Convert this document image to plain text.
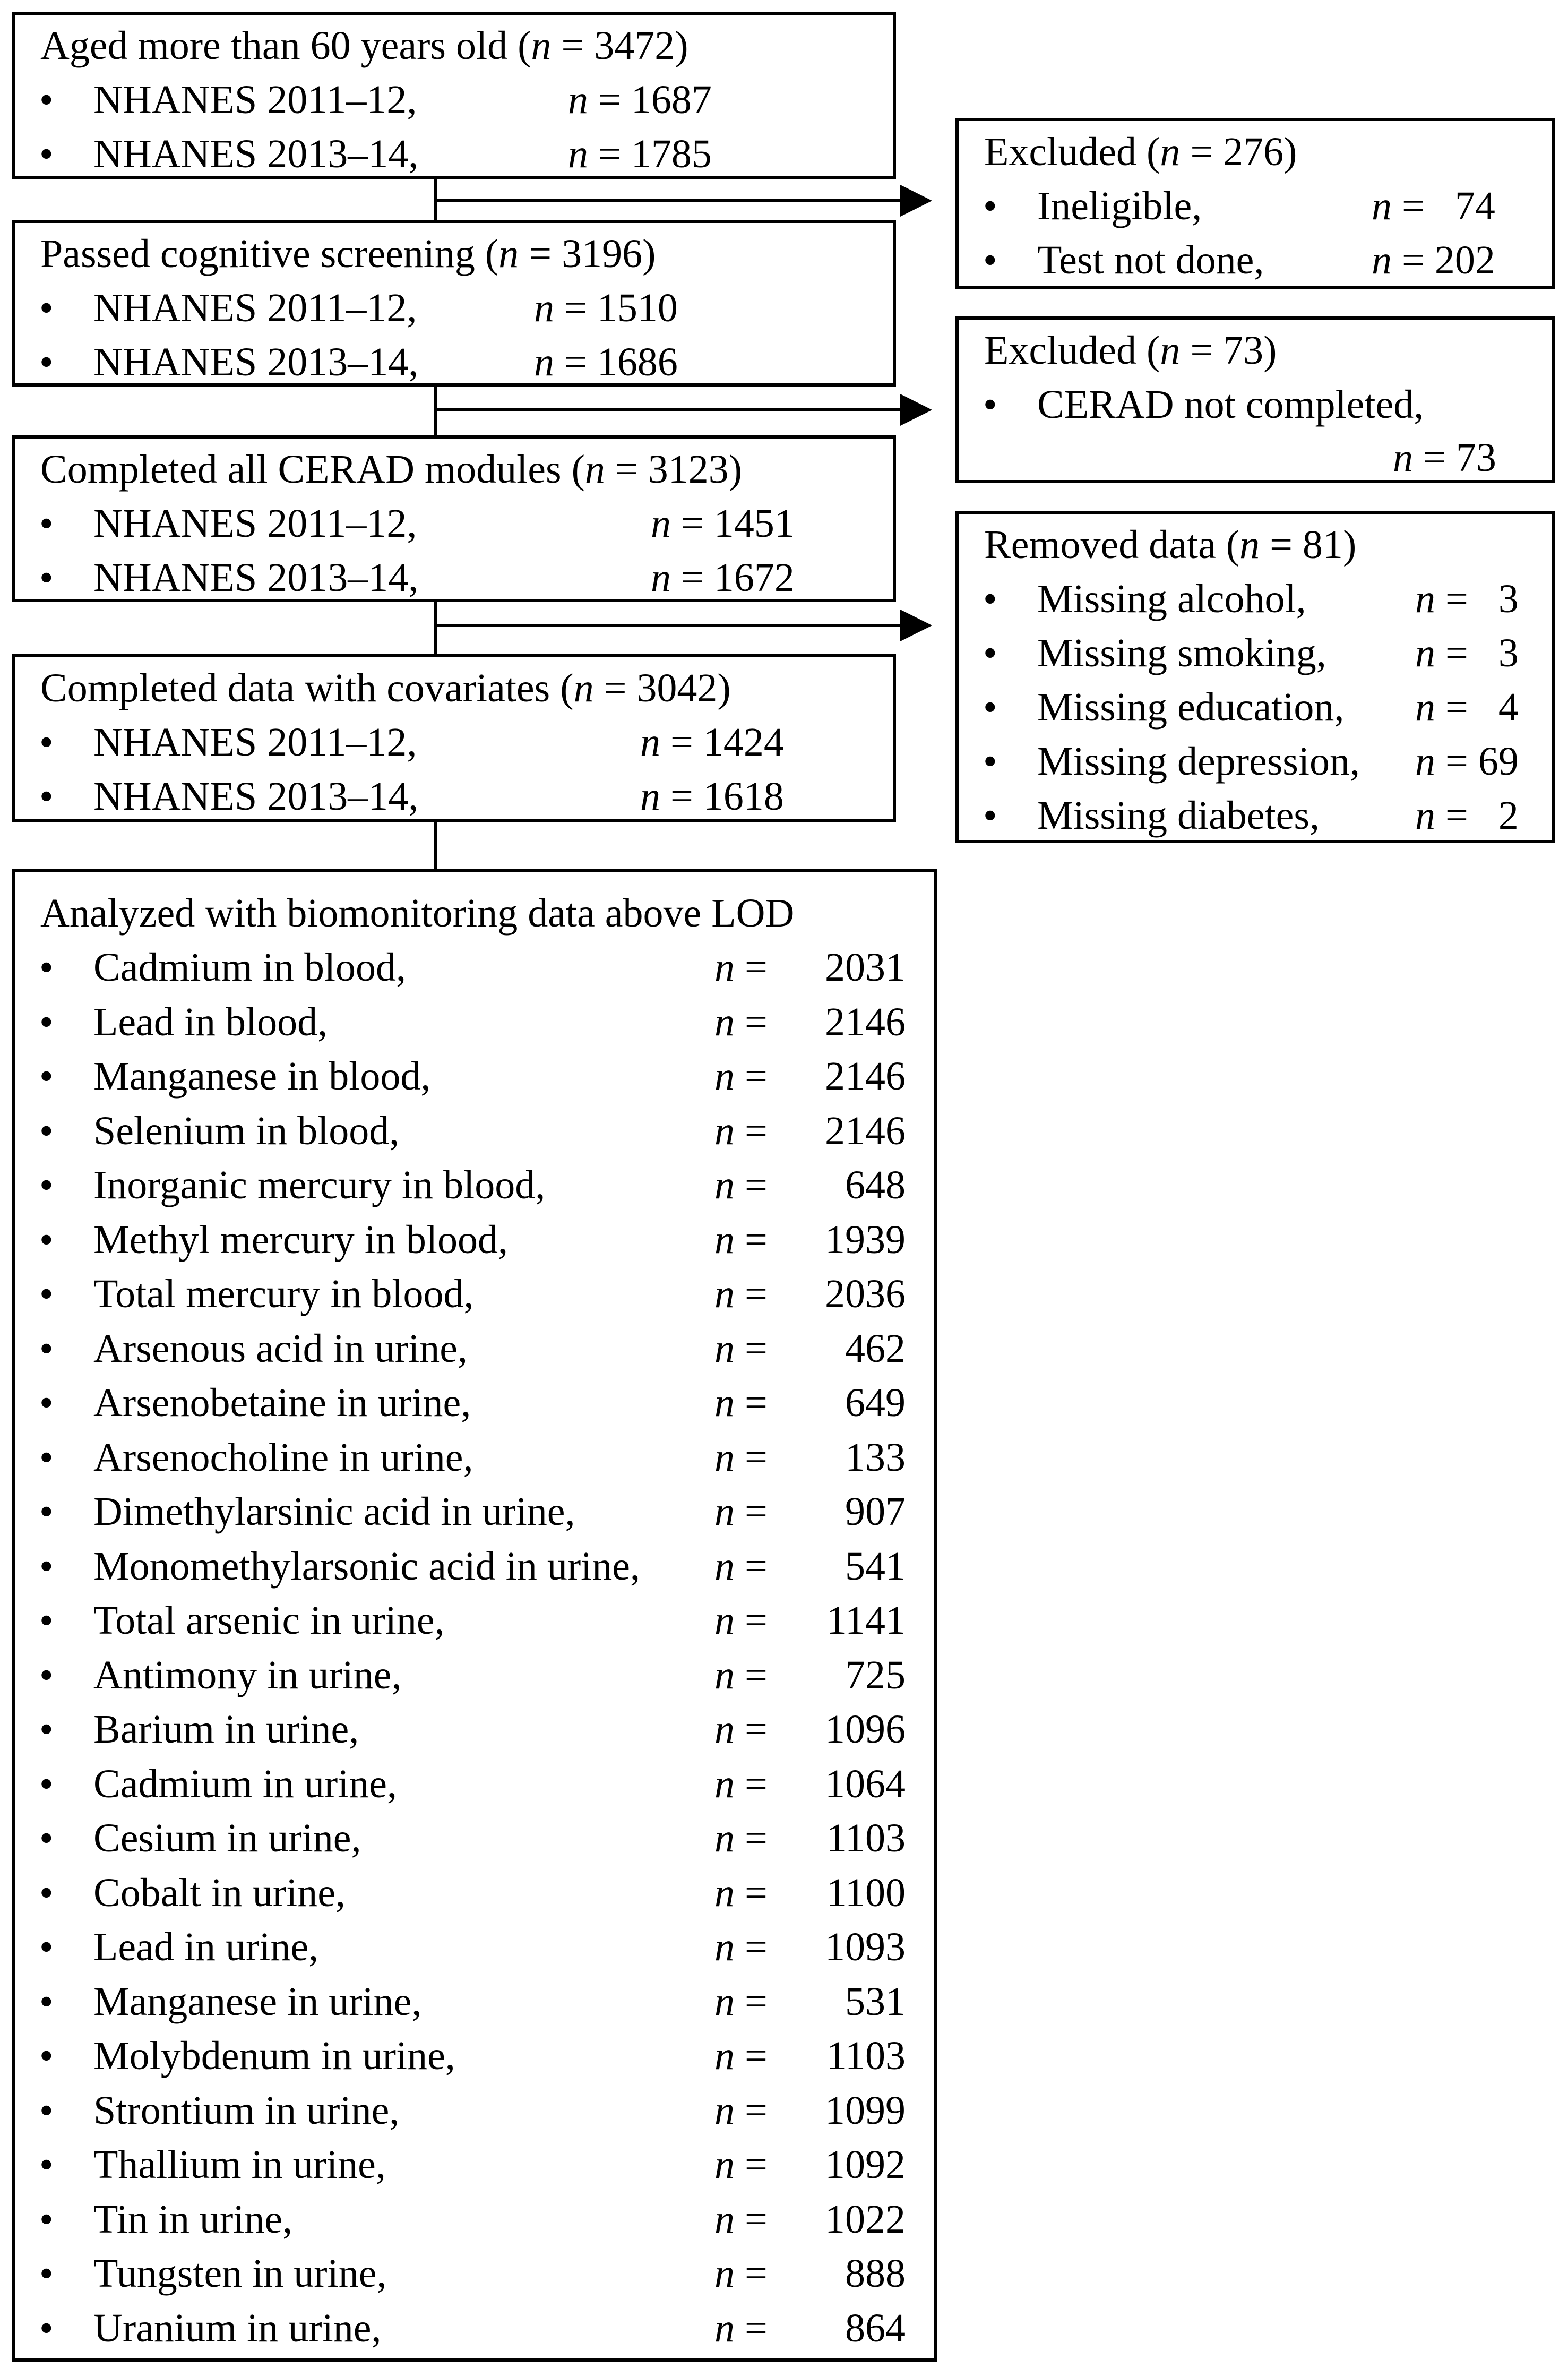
Aged more than 60 years old (n = 3472)
• NHANES 2011–12,	n = 1687
• NHANES 2013–14,	n = 1785
Passed cognitive screening (n = 3196)
• NHANES 2011–12,	n = 1510
• NHANES 2013–14,	n = 1686
Completed all CERAD modules (n = 3123)
• NHANES 2011–12,	n = 1451
• NHANES 2013–14,	n = 1672
Completed data with covariates (n = 3042)
• NHANES 2011–12,	n = 1424
• NHANES 2013–14,	n = 1618
Excluded (n = 276)
• Ineligible,	n =   74
• Test not done,	n = 202
Excluded (n = 73)
• CERAD not completed,
n = 73
Removed data (n = 81)
• Missing alcohol,	n =   3
• Missing smoking, n =   3
• Missing education, n =   4
• Missing depression, n = 69
• Missing diabetes, n =   2
Analyzed with biomonitoring data above LOD
• Cadmium in blood,	n = 2031
• Lead in blood,	n = 2146
• Manganese in blood,	n = 2146
• Selenium in blood,	n = 2146
• Inorganic mercury in blood,	n = 648
• Methyl mercury in blood,	n = 1939
• Total mercury in blood,	n = 2036
• Arsenous acid in urine,	n = 462
• Arsenobetaine in urine,	n = 649
• Arsenocholine in urine,	n = 133
• Dimethylarsinic acid in urine,	n = 907
• Monomethylarsonic acid in urine, n = 541
• Total arsenic in urine,	n = 1141
• Antimony in urine,	n = 725
• Barium in urine,	n = 1096
• Cadmium in urine,	n = 1064
• Cesium in urine,	n = 1103
• Cobalt in urine,	n = 1100
• Lead in urine,	n = 1093
• Manganese in urine,	n = 531
• Molybdenum in urine,	n = 1103
• Strontium in urine,	n = 1099
• Thallium in urine,	n = 1092
• Tin in urine,	n = 1022
• Tungsten in urine,	n = 888
• Uranium in urine,	n = 864
